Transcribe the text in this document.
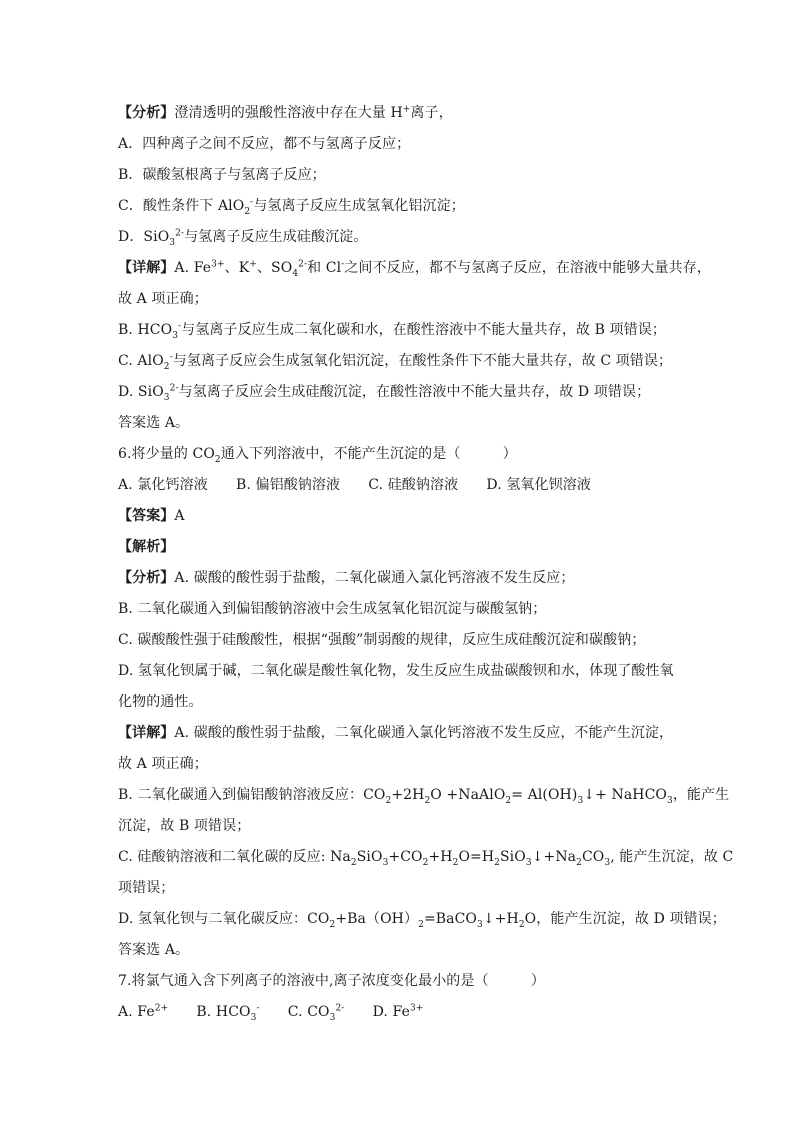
【分析】澄清透明的强酸性溶液中存在大量 H+离子，
A．四种离子之间不反应，都不与氢离子反应；
B．碳酸氢根离子与氢离子反应；
C．酸性条件下 AlO$_2$-与氢离子反应生成氢氧化铝沉淀；
D．SiO$_3^{2-}$与氢离子反应生成硅酸沉淀。
【详解】A. $Fe^{3+}$、K+、$SO_4^{2-}$和 Cl-之间不反应，都不与氢离子反应，在溶液中能够大量共存，
故 A 项正确；
B. $HCO_3^-$与氢离子反应生成二氧化碳和水，在酸性溶液中不能大量共存，故 B 项错误；
C. AlO$_2$-与氢离子反应会生成氢氧化铝沉淀，在酸性条件下不能大量共存，故 C 项错误；
D. SiO$_3^{2-}$与氢离子反应会生成硅酸沉淀，在酸性溶液中不能大量共存，故 D 项错误；
答案选 A。
6.将少量的 $CO_2$通入下列溶液中，不能产生沉淀的是（　　　）
A. 氯化钙溶液　　B. 偏铝酸钠溶液　　C. 硅酸钠溶液　　D. 氢氧化钡溶液
【答案】A
【解析】
【分析】A. 碳酸的酸性弱于盐酸，二氧化碳通入氯化钙溶液不发生反应；
B. 二氧化碳通入到偏铝酸钠溶液中会生成氢氧化铝沉淀与碳酸氢钠；
C. 碳酸酸性强于硅酸酸性，根据“强酸”制弱酸的规律，反应生成硅酸沉淀和碳酸钠；
D. 氢氧化钡属于碱，二氧化碳是酸性氧化物，发生反应生成盐碳酸钡和水，体现了酸性氧
化物的通性。
【详解】A. 碳酸的酸性弱于盐酸，二氧化碳通入氯化钙溶液不发生反应，不能产生沉淀，
故 A 项正确；
B. 二氧化碳通入到偏铝酸钠溶液反应：$CO_2+2H_2O$ +NaAlO$_2$= $Al(OH)_3↓+$ NaHCO$_3$，能产生
沉淀，故 B 项错误；
C. 硅酸钠溶液和二氧化碳的反应: $Na_2SiO_3+CO_2+H_2O=H_2SiO_3↓+Na_2CO_3$, 能产生沉淀，故 C
项错误；
D. 氢氧化钡与二氧化碳反应：$CO_2+Ba(OH)_2=BaCO_3↓+H_2O$，能产生沉淀，故 D 项错误；
答案选 A。
7.将氯气通入含下列离子的溶液中,离子浓度变化最小的是（　　　）
A. $Fe^{2+}$　　B. $HCO_3^-$　　C. $CO_3^{2-}$　　D. $Fe^{3+}$
